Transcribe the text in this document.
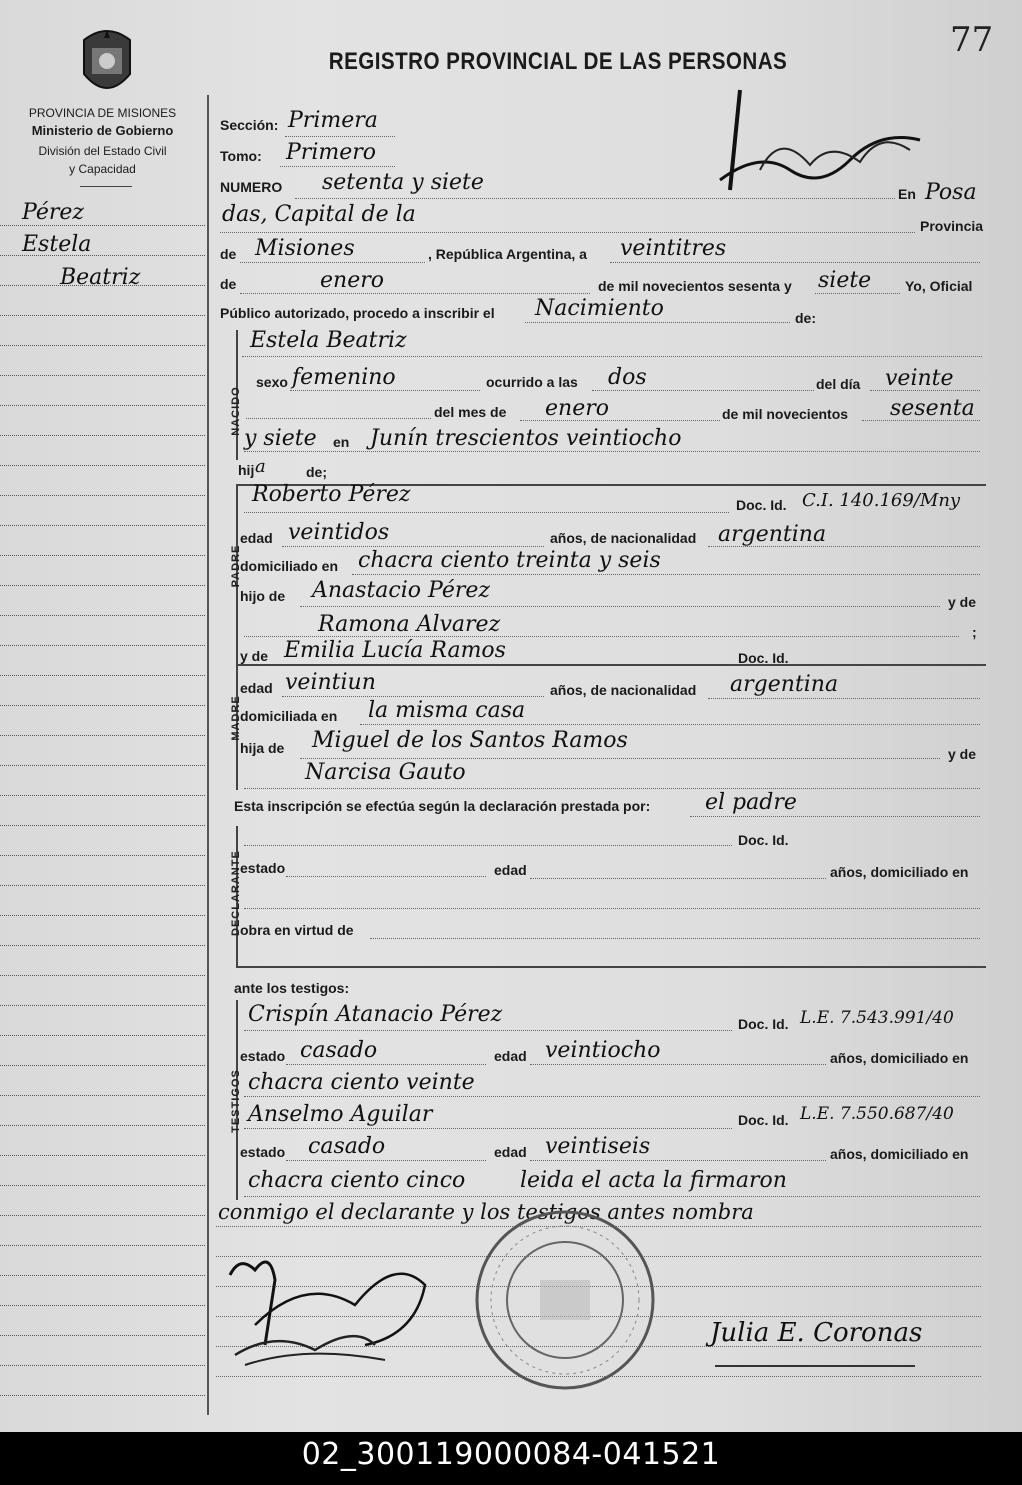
PROVINCIA DE MISIONES
Ministerio de Gobierno
División del Estado Civil
y Capacidad
77
REGISTRO PROVINCIAL DE LAS PERSONAS
Pérez
Estela
Beatriz
Sección: Primera
Tomo: Primero
NUMERO setenta y siete	En Posa
das, Capital de la	Provincia
de Misiones	, República Argentina, a veintitres
de	enero	de mil novecientos sesenta y siete Yo, Oficial
Público autorizado, procedo a inscribir el Nacimiento	de:
NACIDO
Estela Beatriz
sexo femenino	ocurrido a las dos	del día veinte
del mes de enero	de mil novecientos sesenta
y siete en Junín trescientos veintiocho
hij a	de;
PADRE
Roberto Pérez	Doc. Id. C.I. 140.169/Mny
edad veintidos	años, de nacionalidad argentina
domiciliado en chacra ciento treinta y seis
hijo de Anastacio Pérez	y de
Ramona Alvarez	;
y de Emilia Lucía Ramos	Doc. Id.
MADRE
edad veintiun	años, de nacionalidad argentina
domiciliada en la misma casa
hija de Miguel de los Santos Ramos
y de
Narcisa Gauto
Esta inscripción se efectúa según la declaración prestada por: el padre
DECLARANTE
Doc. Id.
estado	edad	años, domiciliado en
obra en virtud de
ante los testigos:
TESTIGOS
Crispín Atanacio Pérez	Doc. Id. L.E. 7.543.991/40
estado casado	edad veintiocho	años, domiciliado en
chacra ciento veinte
Anselmo Aguilar	Doc. Id. L.E. 7.550.687/40
estado casado	edad veintiseis	años, domiciliado en
chacra ciento cinco leida el acta la firmaron
conmigo el declarante y los testigos antes nombra
Julia E. Coronas
02_300119000084-041521
